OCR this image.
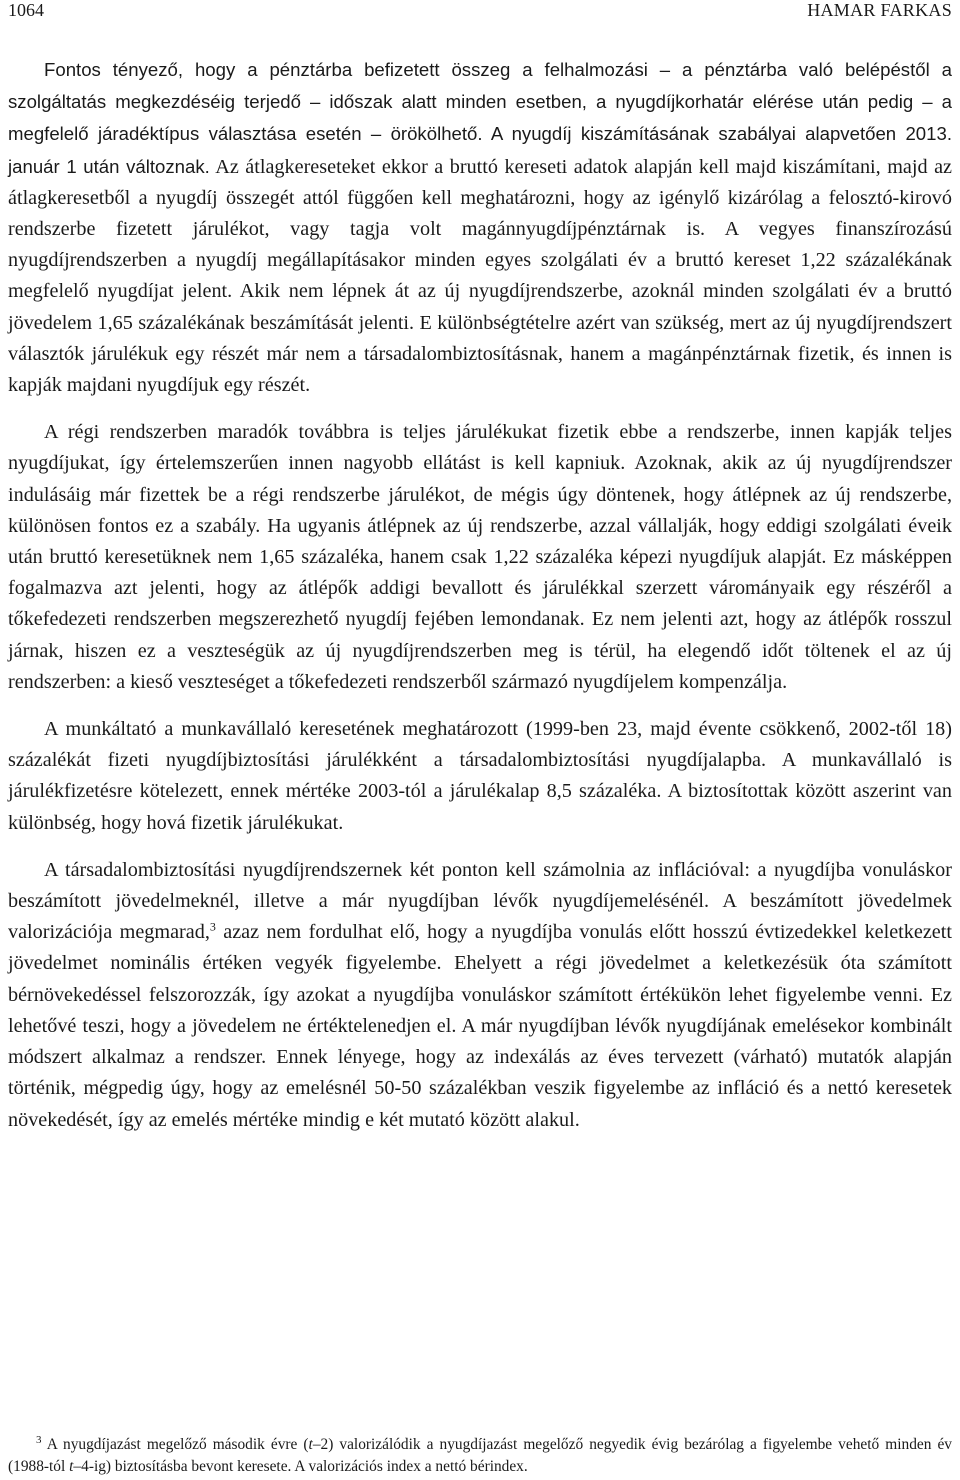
1064	HAMAR FARKAS

Fontos tényező, hogy a pénztárba befizetett összeg a felhalmozási – a pénztárba való belépéstől a szolgáltatás megkezdéséig terjedő – időszak alatt minden esetben, a nyugdíjkorhatár elérése után pedig – a megfelelő járadéktípus választása esetén – örökölhető. A nyugdíj kiszámításának szabályai alapvetően 2013. január 1 után változnak. Az átlagkereseteket ekkor a bruttó kereseti adatok alapján kell majd kiszámítani, majd az átlagkeresetből a nyugdíj összegét attól függően kell meghatározni, hogy az igénylő kizárólag a felosztó-kirovó rendszerbe fizetett járulékot, vagy tagja volt magánnyugdíjpénztárnak is. A vegyes finanszírozású nyugdíjrendszerben a nyugdíj megállapításakor minden egyes szolgálati év a bruttó kereset 1,22 százalékának megfelelő nyugdíjat jelent. Akik nem lépnek át az új nyugdíjrendszerbe, azoknál minden szolgálati év a bruttó jövedelem 1,65 százalékának beszámítását jelenti. E különbségtételre azért van szükség, mert az új nyugdíjrendszert választók járulékuk egy részét már nem a társadalombiztosításnak, hanem a magánpénztárnak fizetik, és innen is kapják majdani nyugdíjuk egy részét.

A régi rendszerben maradók továbbra is teljes járulékukat fizetik ebbe a rendszerbe, innen kapják teljes nyugdíjukat, így értelemszerűen innen nagyobb ellátást is kell kapniuk. Azoknak, akik az új nyugdíjrendszer indulásáig már fizettek be a régi rendszerbe járulékot, de mégis úgy döntenek, hogy átlépnek az új rendszerbe, különösen fontos ez a szabály. Ha ugyanis átlépnek az új rendszerbe, azzal vállalják, hogy eddigi szolgálati éveik után bruttó keresetüknek nem 1,65 százaléka, hanem csak 1,22 százaléka képezi nyugdíjuk alapját. Ez másképpen fogalmazva azt jelenti, hogy az átlépők addigi bevallott és járulékkal szerzett várományaik egy részéről a tőkefedezeti rendszerben megszerezhető nyugdíj fejében lemondanak. Ez nem jelenti azt, hogy az átlépők rosszul járnak, hiszen ez a veszteségük az új nyugdíjrendszerben meg is térül, ha elegendő időt töltenek el az új rendszerben: a kieső veszteséget a tőkefedezeti rendszerből származó nyugdíjelem kompenzálja.

A munkáltató a munkavállaló keresetének meghatározott (1999-ben 23, majd évente csökkenő, 2002-től 18) százalékát fizeti nyugdíjbiztosítási járulékként a társadalombiztosítási nyugdíjalapba. A munkavállaló is járulékfizetésre kötelezett, ennek mértéke 2003-tól a járulékalap 8,5 százaléka. A biztosítottak között aszerint van különbség, hogy hová fizetik járulékukat.

A társadalombiztosítási nyugdíjrendszernek két ponton kell számolnia az inflációval: a nyugdíjba vonuláskor beszámított jövedelmeknél, illetve a már nyugdíjban lévők nyugdíjemelésénél. A beszámított jövedelmek valorizációja megmarad,$^3$ azaz nem fordulhat elő, hogy a nyugdíjba vonulás előtt hosszú évtizedekkel keletkezett jövedelmet nominális értéken vegyék figyelembe. Ehelyett a régi jövedelmet a keletkezésük óta számított bérnövekedéssel felszorozzák, így azokat a nyugdíjba vonuláskor számított értékükön lehet figyelembe venni. Ez lehetővé teszi, hogy a jövedelem ne értéktelenedjen el. A már nyugdíjban lévők nyugdíjának emelésekor kombinált módszert alkalmaz a rendszer. Ennek lényege, hogy az indexálás az éves tervezett (várható) mutatók alapján történik, mégpedig úgy, hogy az emelésnél 50-50 százalékban veszik figyelembe az infláció és a nettó keresetek növekedését, így az emelés mértéke mindig e két mutató között alakul.

$^3$ A nyugdíjazást megelőző második évre (t–2) valorizálódik a nyugdíjazást megelőző negyedik évig bezárólag a figyelembe vehető minden év (1988-tól t–4-ig) biztosításba bevont keresete. A valorizációs index a nettó bérindex.
